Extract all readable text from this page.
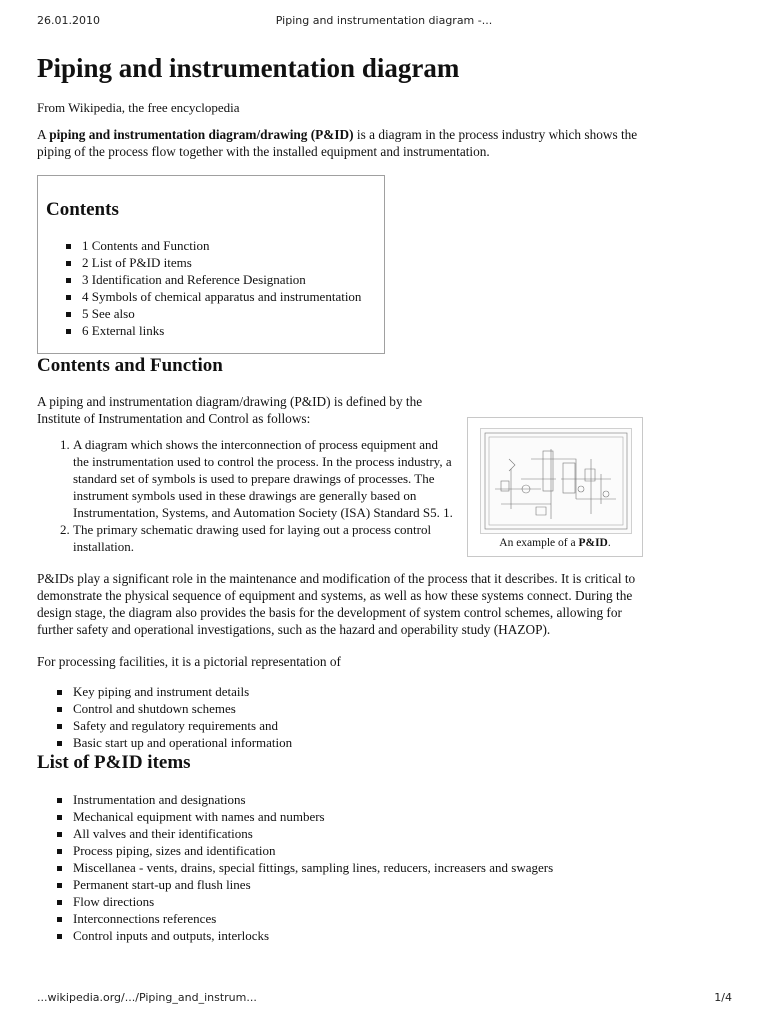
26.01.2010	Piping and instrumentation diagram -...
Piping and instrumentation diagram
From Wikipedia, the free encyclopedia

A piping and instrumentation diagram/drawing (P&ID) is a diagram in the process industry which shows the piping of the process flow together with the installed equipment and instrumentation.

Contents
1 Contents and Function
2 List of P&ID items
3 Identification and Reference Designation
4 Symbols of chemical apparatus and instrumentation
5 See also
6 External links
Contents and Function

A piping and instrumentation diagram/drawing (P&ID) is defined by the Institute of Instrumentation and Control as follows:

1. A diagram which shows the interconnection of process equipment and the instrumentation used to control the process. In the process industry, a standard set of symbols is used to prepare drawings of processes. The instrument symbols used in these drawings are generally based on Instrumentation, Systems, and Automation Society (ISA) Standard S5. 1.
2. The primary schematic drawing used for laying out a process control installation.

P&IDs play a significant role in the maintenance and modification of the process that it describes. It is critical to demonstrate the physical sequence of equipment and systems, as well as how these systems connect. During the design stage, the diagram also provides the basis for the development of system control schemes, allowing for further safety and operational investigations, such as the hazard and operability study (HAZOP).

For processing facilities, it is a pictorial representation of

Key piping and instrument details
Control and shutdown schemes
Safety and regulatory requirements and
Basic start up and operational information
List of P&ID items
Instrumentation and designations
Mechanical equipment with names and numbers
All valves and their identifications
Process piping, sizes and identification
Miscellanea - vents, drains, special fittings, sampling lines, reducers, increasers and swagers
Permanent start-up and flush lines
Flow directions
Interconnections references
Control inputs and outputs, interlocks
An example of a P&ID.
...wikipedia.org/.../Piping_and_instrum...	1/4
